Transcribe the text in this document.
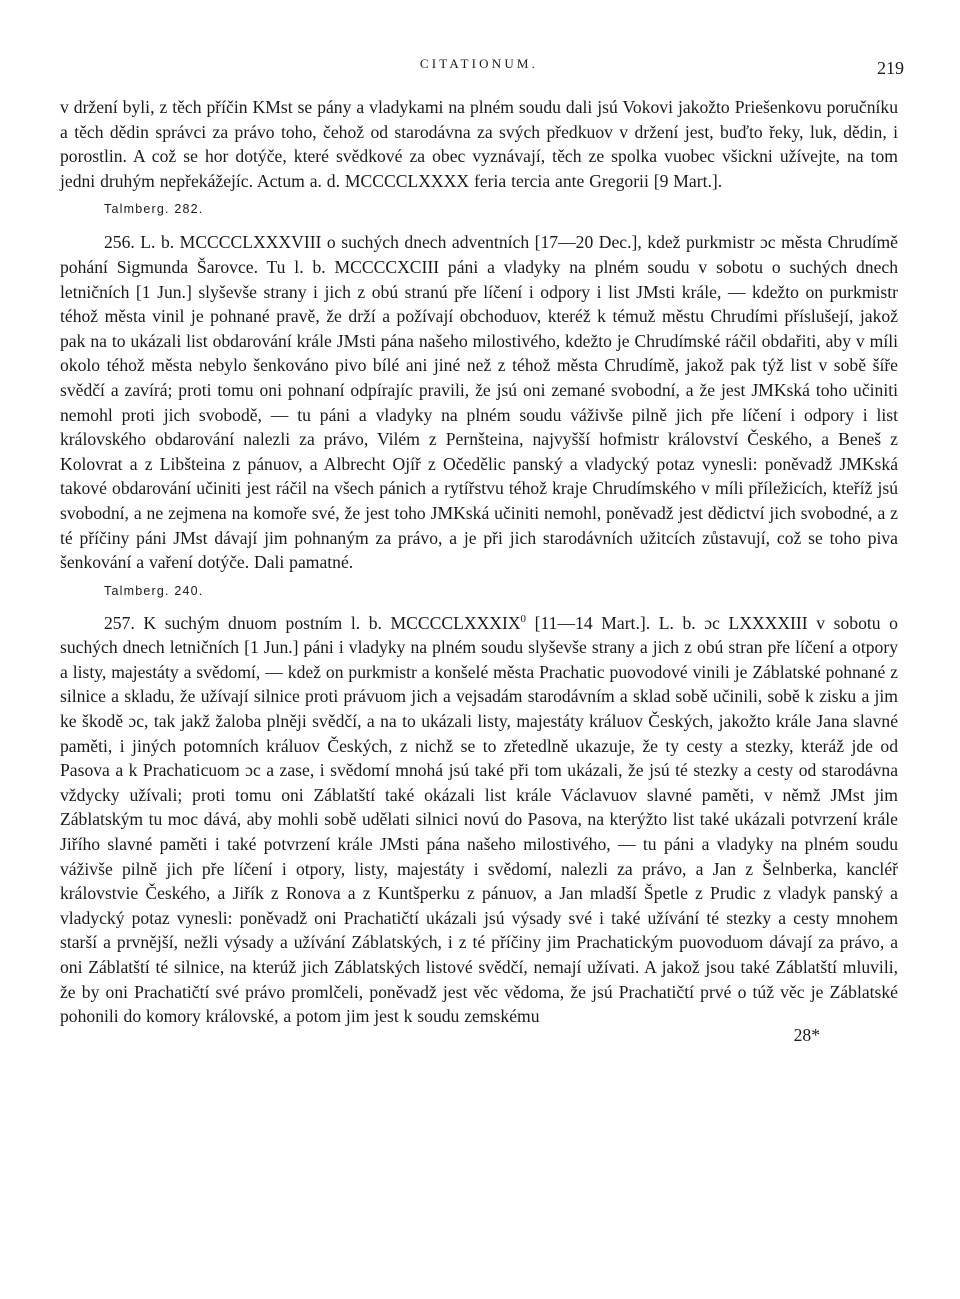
CITATIONUM.	219

v držení byli, z těch příčin KMst se pány a vladykami na plném soudu dali jsú Vokovi jakožto Priešenkovu poručníku a těch dědin správci za právo toho, čehož od starodávna za svých předkuov v držení jest, buďto řeky, luk, dědin, i porostlin. A což se hor dotýče, které svědkové za obec vyznávají, těch ze spolka vuobec všickni užívejte, na tom jedni druhým nepřekážejíc. Actum a. d. MCCCCLXXXX feria tercia ante Gregorii [9 Mart.].

Talmberg. 282.

256. L. b. MCCCCLXXXVIII o suchých dnech adventních [17—20 Dec.], kdež purkmistr ɔc města Chrudímě pohání Sigmunda Šarovce. Tu l. b. MCCCCXCIII páni a vladyky na plném soudu v sobotu o suchých dnech letničních [1 Jun.] slyševše strany i jich z obú stranú pře líčení i odpory i list JMsti krále, — kdežto on purkmistr téhož města vinil je pohnané pravě, že drží a požívají obchoduov, kteréž k témuž městu Chrudími příslušejí, jakož pak na to ukázali list obdarování krále JMsti pána našeho milostivého, kdežto je Chrudímské ráčil obdařiti, aby v míli okolo téhož města nebylo šenkováno pivo bílé ani jiné než z téhož města Chrudímě, jakož pak týž list v sobě šíře svědčí a zavírá; proti tomu oni pohnaní odpírajíc pravili, že jsú oni zemané svobodní, a že jest JMKská toho učiniti nemohl proti jich svobodě, — tu páni a vladyky na plném soudu váživše pilně jich pře líčení i odpory i list královského obdarování nalezli za právo, Vilém z Pernšteina, najvyšší hofmistr království Českého, a Beneš z Kolovrat a z Libšteina z pánuov, a Albrecht Ojíř z Očedělic panský a vladycký potaz vynesli: poněvadž JMKská takové obdarování učiniti jest ráčil na všech pánich a rytířstvu téhož kraje Chrudímského v míli příležicích, kteříž jsú svobodní, a ne zejmena na komoře své, že jest toho JMKská učiniti nemohl, poněvadž jest dědictví jich svobodné, a z té příčiny páni JMst dávají jim pohnaným za právo, a je při jich starodávních užitcích zůstavují, což se toho piva šenkování a vaření dotýče. Dali pamatné.

Talmberg. 240.

257. K suchým dnuom postním l. b. MCCCCLXXXIX$^0$ [11—14 Mart.]. L. b. ɔc LXXXXIII v sobotu o suchých dnech letničních [1 Jun.] páni i vladyky na plném soudu slyševše strany a jich z obú stran pře líčení a otpory a listy, majestáty a svědomí, — kdež on purkmistr a konšelé města Prachatic puovodové vinili je Záblatské pohnané z silnice a skladu, že užívají silnice proti právuom jich a vejsadám starodávním a sklad sobě učinili, sobě k zisku a jim ke škodě ɔc, tak jakž žaloba plněji svědčí, a na to ukázali listy, majestáty králuov Českých, jakožto krále Jana slavné paměti, i jiných potomních králuov Českých, z nichž se to zřetedlně ukazuje, že ty cesty a stezky, kteráž jde od Pasova a k Prachaticuom ɔc a zase, i svědomí mnohá jsú také při tom ukázali, že jsú té stezky a cesty od starodávna vždycky užívali; proti tomu oni Záblatští také okázali list krále Václavuov slavné paměti, v němž JMst jim Záblatským tu moc dává, aby mohli sobě udělati silnici novú do Pasova, na kterýžto list také ukázali potvrzení krále Jiřího slavné paměti i také potvrzení krále JMsti pána našeho milostivého, — tu páni a vladyky na plném soudu váživše pilně jich pře líčení i otpory, listy, majestáty i svědomí, nalezli za právo, a Jan z Šelnberka, kancléř královstvie Českého, a Jiřík z Ronova a z Kuntšperku z pánuov, a Jan mladší Špetle z Prudic z vladyk panský a vladycký potaz vynesli: poněvadž oni Prachatičtí ukázali jsú výsady své i také užívání té stezky a cesty mnohem starší a prvnější, nežli výsady a užívání Záblatských, i z té příčiny jim Prachatickým puovoduom dávají za právo, a oni Záblatští té silnice, na kterúž jich Záblatských listové svědčí, nemají užívati. A jakož jsou také Záblatští mluvili, že by oni Prachatičtí své právo promlčeli, poněvadž jest věc vědoma, že jsú Prachatičtí prvé o túž věc je Záblatské pohonili do komory královské, a potom jim jest k soudu zemskému

28*
